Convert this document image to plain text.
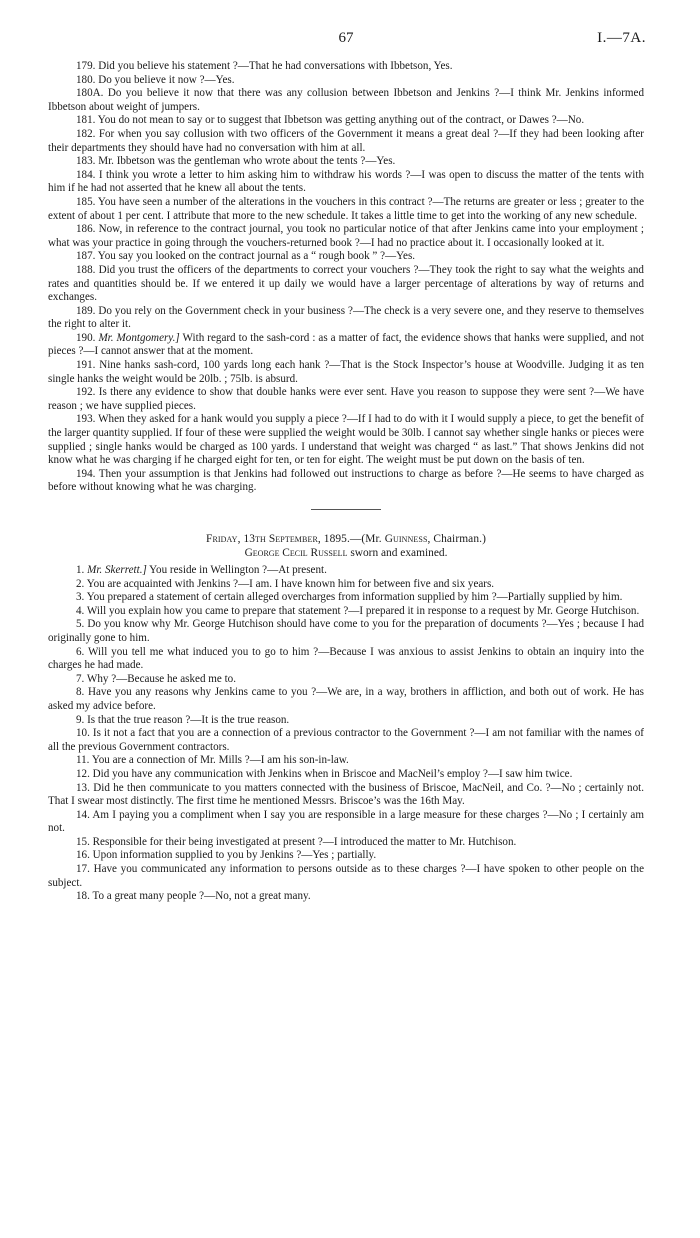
67	I.—7A.

179. Did you believe his statement ?—That he had conversations with Ibbetson, Yes.

180. Do you believe it now ?—Yes.

180A. Do you believe it now that there was any collusion between Ibbetson and Jenkins ?—I think Mr. Jenkins informed Ibbetson about weight of jumpers.

181. You do not mean to say or to suggest that Ibbetson was getting anything out of the contract, or Dawes ?—No.

182. For when you say collusion with two officers of the Government it means a great deal ?—If they had been looking after their departments they should have had no conversation with him at all.

183. Mr. Ibbetson was the gentleman who wrote about the tents ?—Yes.

184. I think you wrote a letter to him asking him to withdraw his words ?—I was open to discuss the matter of the tents with him if he had not asserted that he knew all about the tents.

185. You have seen a number of the alterations in the vouchers in this contract ?—The returns are greater or less ; greater to the extent of about 1 per cent. I attribute that more to the new schedule. It takes a little time to get into the working of any new schedule.

186. Now, in reference to the contract journal, you took no particular notice of that after Jenkins came into your employment ; what was your practice in going through the vouchers-returned book ?—I had no practice about it. I occasionally looked at it.

187. You say you looked on the contract journal as a “ rough book ” ?—Yes.

188. Did you trust the officers of the departments to correct your vouchers ?—They took the right to say what the weights and rates and quantities should be. If we entered it up daily we would have a larger percentage of alterations by way of returns and exchanges.

189. Do you rely on the Government check in your business ?—The check is a very severe one, and they reserve to themselves the right to alter it.

190. Mr. Montgomery.] With regard to the sash-cord : as a matter of fact, the evidence shows that hanks were supplied, and not pieces ?—I cannot answer that at the moment.

191. Nine hanks sash-cord, 100 yards long each hank ?—That is the Stock Inspector’s house at Woodville. Judging it as ten single hanks the weight would be 20lb. ; 75lb. is absurd.

192. Is there any evidence to show that double hanks were ever sent. Have you reason to suppose they were sent ?—We have reason ; we have supplied pieces.

193. When they asked for a hank would you supply a piece ?—If I had to do with it I would supply a piece, to get the benefit of the larger quantity supplied. If four of these were supplied the weight would be 30lb. I cannot say whether single hanks or pieces were supplied ; single hanks would be charged as 100 yards. I understand that weight was charged “ as last.” That shows Jenkins did not know what he was charging if he charged eight for ten, or ten for eight. The weight must be put down on the basis of ten.

194. Then your assumption is that Jenkins had followed out instructions to charge as before ?—He seems to have charged as before without knowing what he was charging.

Friday, 13th September, 1895.—(Mr. Guinness, Chairman.)

George Cecil Russell sworn and examined.

1. Mr. Skerrett.] You reside in Wellington ?—At present.

2. You are acquainted with Jenkins ?—I am. I have known him for between five and six years.

3. You prepared a statement of certain alleged overcharges from information supplied by him ?—Partially supplied by him.

4. Will you explain how you came to prepare that statement ?—I prepared it in response to a request by Mr. George Hutchison.

5. Do you know why Mr. George Hutchison should have come to you for the preparation of documents ?—Yes ; because I had originally gone to him.

6. Will you tell me what induced you to go to him ?—Because I was anxious to assist Jenkins to obtain an inquiry into the charges he had made.

7. Why ?—Because he asked me to.

8. Have you any reasons why Jenkins came to you ?—We are, in a way, brothers in affliction, and both out of work. He has asked my advice before.

9. Is that the true reason ?—It is the true reason.

10. Is it not a fact that you are a connection of a previous contractor to the Government ?—I am not familiar with the names of all the previous Government contractors.

11. You are a connection of Mr. Mills ?—I am his son-in-law.

12. Did you have any communication with Jenkins when in Briscoe and MacNeil’s employ ?—I saw him twice.

13. Did he then communicate to you matters connected with the business of Briscoe, MacNeil, and Co. ?—No ; certainly not. That I swear most distinctly. The first time he mentioned Messrs. Briscoe’s was the 16th May.

14. Am I paying you a compliment when I say you are responsible in a large measure for these charges ?—No ; I certainly am not.

15. Responsible for their being investigated at present ?—I introduced the matter to Mr. Hutchison.

16. Upon information supplied to you by Jenkins ?—Yes ; partially.

17. Have you communicated any information to persons outside as to these charges ?—I have spoken to other people on the subject.

18. To a great many people ?—No, not a great many.
